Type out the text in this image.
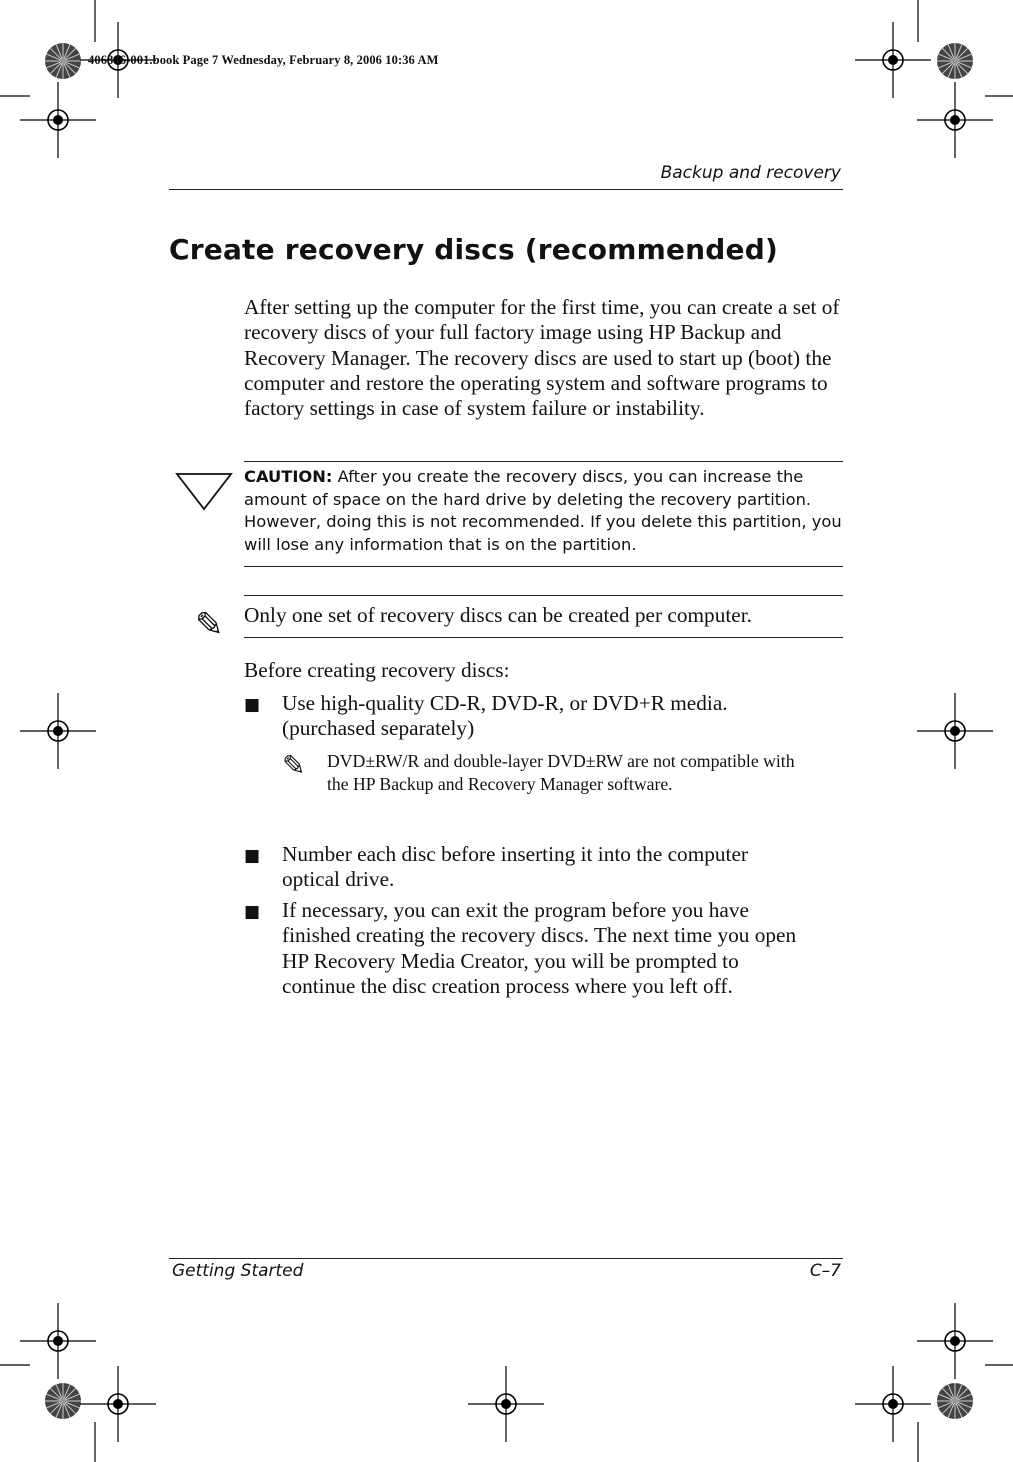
406846-001.book Page 7 Wednesday, February 8, 2006 10:36 AM
Backup and recovery
Create recovery discs (recommended)

After setting up the computer for the first time, you can create a set of recovery discs of your full factory image using HP Backup and Recovery Manager. The recovery discs are used to start up (boot) the computer and restore the operating system and software programs to factory settings in case of system failure or instability.

CAUTION: After you create the recovery discs, you can increase the amount of space on the hard drive by deleting the recovery partition. However, doing this is not recommended. If you delete this partition, you will lose any information that is on the partition.

✎ Only one set of recovery discs can be created per computer.

Before creating recovery discs:

■ Use high-quality CD-R, DVD-R, or DVD+R media. (purchased separately)

✎ DVD±RW/R and double-layer DVD±RW are not compatible with the HP Backup and Recovery Manager software.

■ Number each disc before inserting it into the computer optical drive.

■ If necessary, you can exit the program before you have finished creating the recovery discs. The next time you open HP Recovery Media Creator, you will be prompted to continue the disc creation process where you left off.

Getting Started	C–7
